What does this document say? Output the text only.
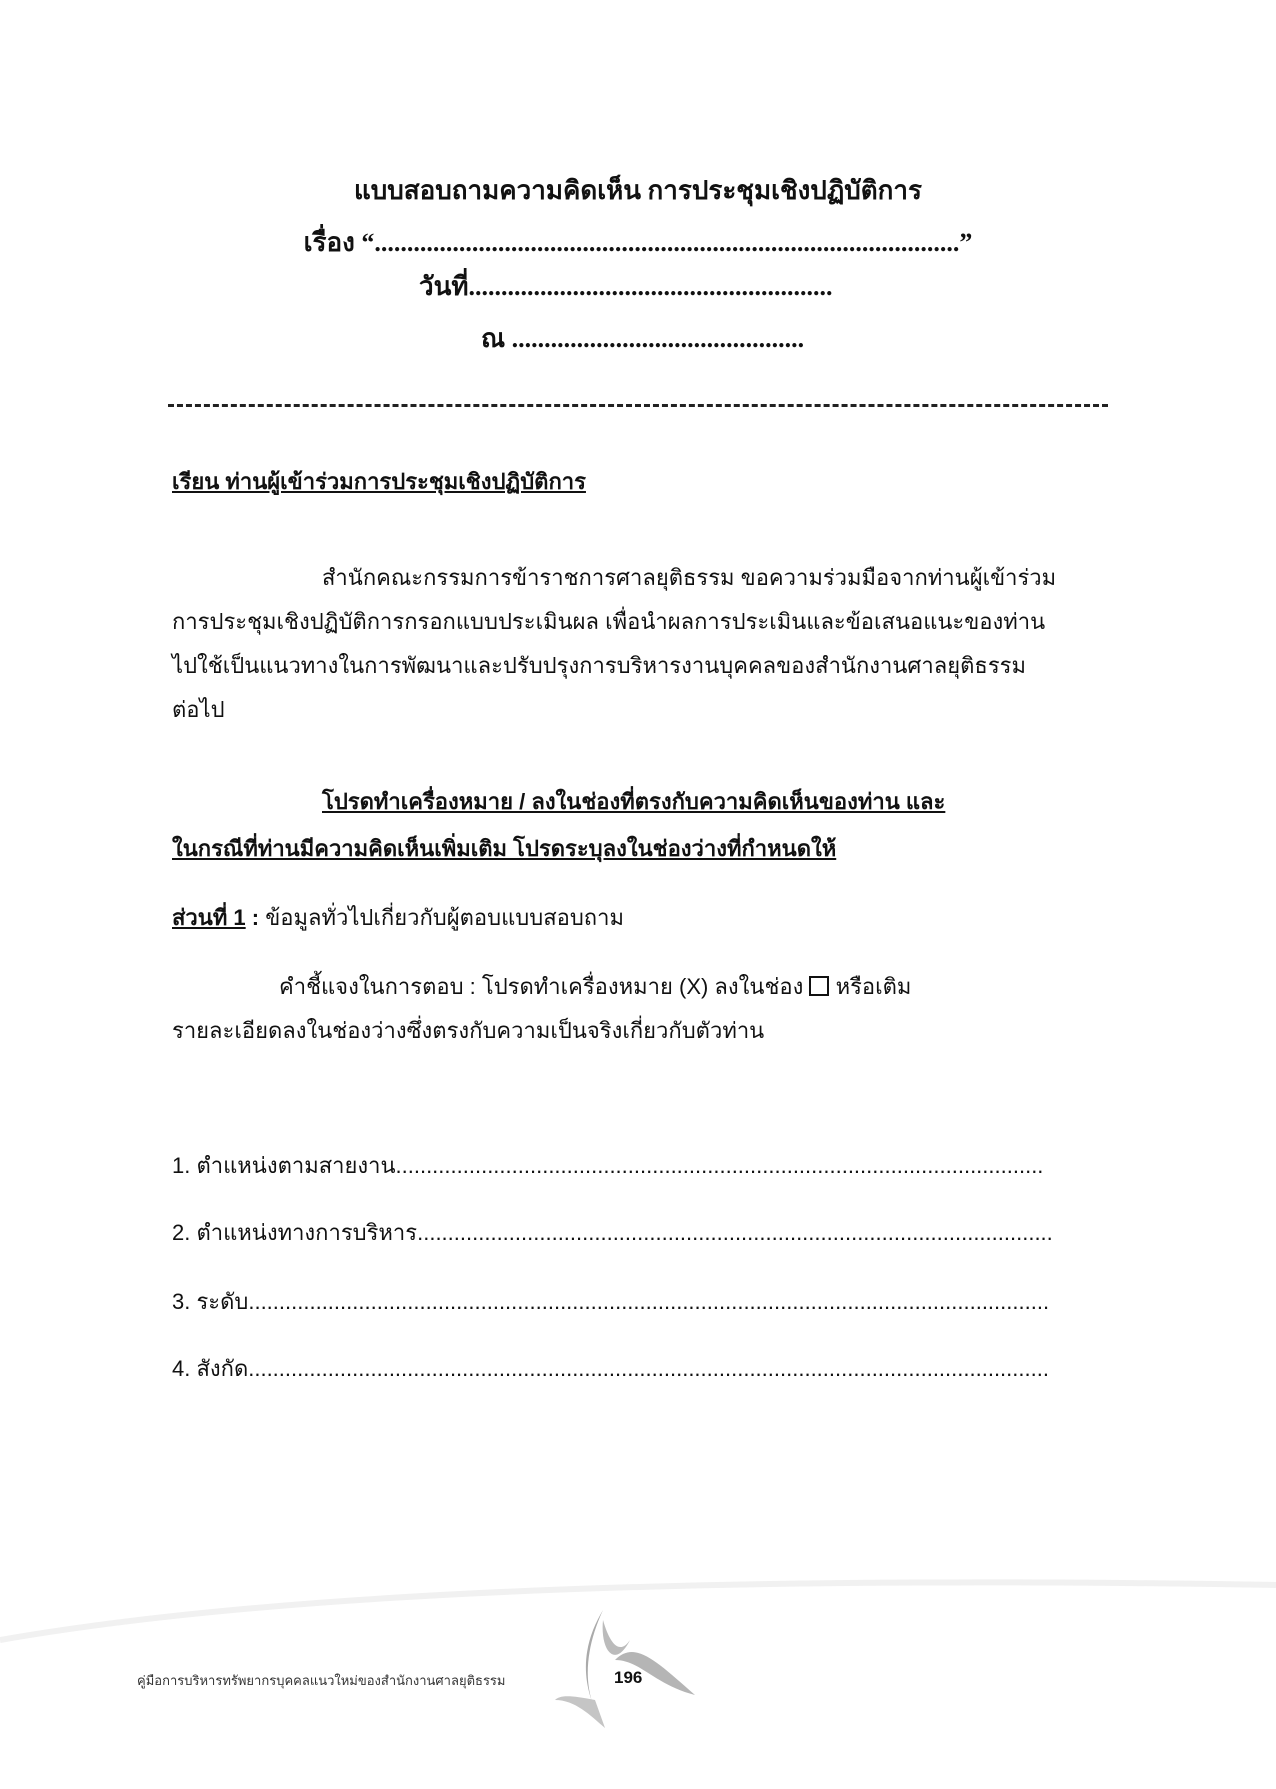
แบบสอบถามความคิดเห็น การประชุมเชิงปฏิบัติการ
เรื่อง “..........................................................................................”
วันที่........................................................
ณ .............................................
เรียน ท่านผู้เข้าร่วมการประชุมเชิงปฏิบัติการ
สำนักคณะกรรมการข้าราชการศาลยุติธรรม ขอความร่วมมือจากท่านผู้เข้าร่วม
การประชุมเชิงปฏิบัติการกรอกแบบประเมินผล เพื่อนำผลการประเมินและข้อเสนอแนะของท่าน
ไปใช้เป็นแนวทางในการพัฒนาและปรับปรุงการบริหารงานบุคคลของสำนักงานศาลยุติธรรม
ต่อไป
โปรดทำเครื่องหมาย / ลงในช่องที่ตรงกับความคิดเห็นของท่าน และ
ในกรณีที่ท่านมีความคิดเห็นเพิ่มเติม โปรดระบุลงในช่องว่างที่กำหนดให้
ส่วนที่ 1 : ข้อมูลทั่วไปเกี่ยวกับผู้ตอบแบบสอบถาม
คำชี้แจงในการตอบ : โปรดทำเครื่องหมาย (X) ลงในช่อง  หรือเติม
รายละเอียดลงในช่องว่างซึ่งตรงกับความเป็นจริงเกี่ยวกับตัวท่าน
1. ตำแหน่งตามสายงาน..........................................................................................................
2. ตำแหน่งทางการบริหาร........................................................................................................
3. ระดับ...................................................................................................................................
4. สังกัด...................................................................................................................................
คู่มือการบริหารทรัพยากรบุคคลแนวใหม่ของสำนักงานศาลยุติธรรม	196
